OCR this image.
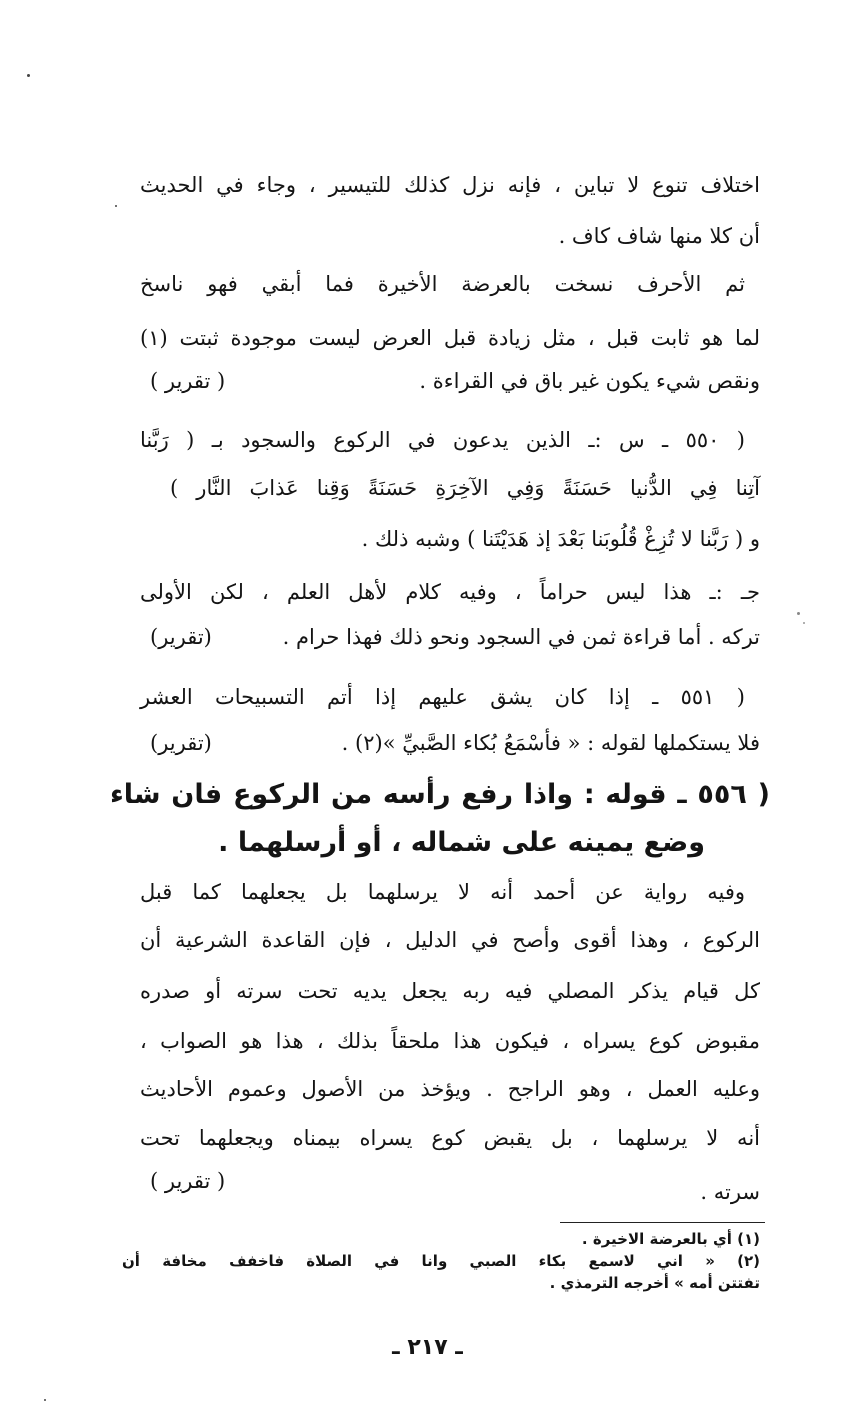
اختلاف تنوع لا تباين ، فإنه نزل كذلك للتيسير ، وجاء في الحديث
أن كلا منها شاف كاف .
ثم الأحرف نسخت بالعرضة الأخيرة فما أبقي فهو ناسخ
لما هو ثابت قبل ، مثل زيادة قبل العرض ليست موجودة ثبتت (١)
ونقص شيء يكون غير باق في القراءة .
( تقرير )
( ٥٥٠ ـ س :ـ الذين يدعون في الركوع والسجود بـ ( رَبَّنا
آتِنا فِي الدُّنيا حَسَنَةً وَفِي الآخِرَةِ حَسَنَةً وَقِنا عَذابَ النَّار )
و ( رَبَّنا لا تُزِغْ قُلُوبَنا بَعْدَ إذ هَدَيْتَنا ) وشبه ذلك .
جـ :ـ هذا ليس حراماً ، وفيه كلام لأهل العلم ، لكن الأولى
تركه . أما قراءة ثمن في السجود ونحو ذلك فهذا حرام .
(تقرير)
( ٥٥١ ـ إذا كان يشق عليهم إذا أتم التسبيحات العشر
فلا يستكملها لقوله : « فأسْمَعُ بُكاء الصَّبيِّ »(٢) .
(تقرير)
( ٥٥٦ ـ قوله : واذا رفع رأسه من الركوع فان شاء
وضع يمينه على شماله ، أو أرسلهما .
وفيه رواية عن أحمد أنه لا يرسلهما بل يجعلهما كما قبل
الركوع ، وهذا أقوى وأصح في الدليل ، فإن القاعدة الشرعية أن
كل قيام يذكر المصلي فيه ربه يجعل يديه تحت سرته أو صدره
مقبوض كوع يسراه ، فيكون هذا ملحقاً بذلك ، هذا هو الصواب ،
وعليه العمل ، وهو الراجح . ويؤخذ من الأصول وعموم الأحاديث
أنه لا يرسلهما ، بل يقبض كوع يسراه بيمناه ويجعلهما تحت
سرته .
( تقرير )
(١) أي بالعرضة الاخيرة .
(٢) « اني لاسمع بكاء الصبي وانا في الصلاة فاخفف مخافة أن
تفتتن أمه » أخرجه الترمذي .
ـ ٢١٧ ـ
